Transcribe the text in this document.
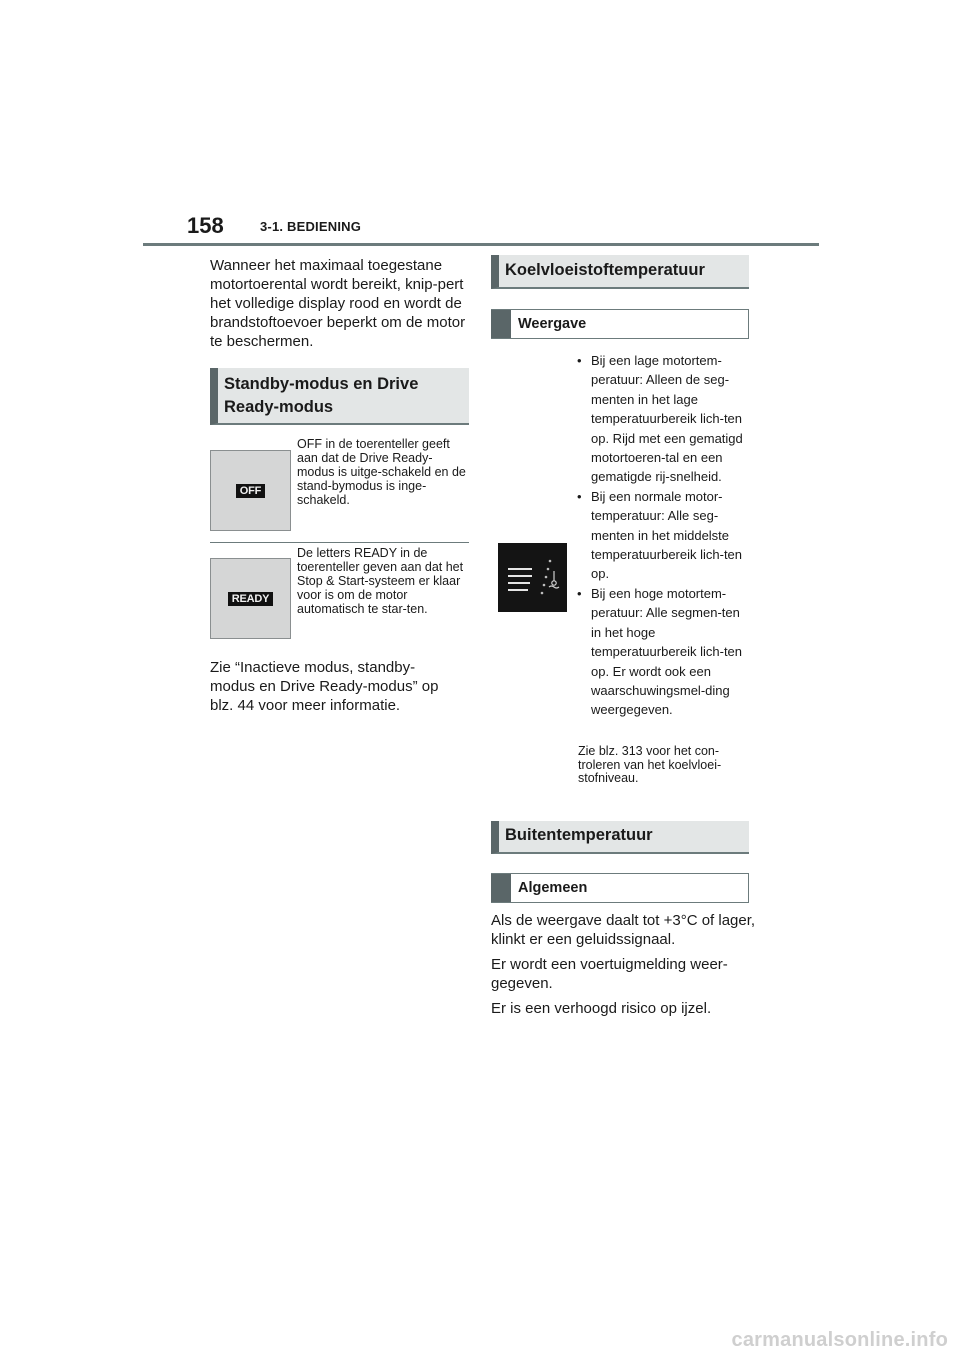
158	3-1. BEDIENING

Wanneer het maximaal toegestane motortoerental wordt bereikt, knip-pert het volledige display rood en wordt de brandstoftoevoer beperkt om de motor te beschermen.

Standby-modus en Drive
Ready-modus
OFF

OFF in de toerenteller geeft aan dat de Drive Ready-modus is uitge-schakeld en de stand-bymodus is inge-schakeld.

READY

De letters READY in de toerenteller geven aan dat het Stop & Start-systeem er klaar voor is om de motor automatisch te star-ten.

Zie “Inactieve modus, standby-modus en Drive Ready-modus” op blz. 44 voor meer informatie.

Koelvloeistoftemperatuur
Weergave
• Bij een lage motortem-peratuur: Alleen de seg-menten in het lage temperatuurbereik lich-ten op. Rijd met een gematigd motortoeren-tal en een gematigde rij-snelheid.
• Bij een normale motor-temperatuur: Alle seg-menten in het middelste temperatuurbereik lich-ten op.
• Bij een hoge motortem-peratuur: Alle segmen-ten in het hoge temperatuurbereik lich-ten op. Er wordt ook een waarschuwingsmel-ding weergegeven.

Zie blz. 313 voor het con-troleren van het koelvloei-stofniveau.

Buitentemperatuur
Algemeen

Als de weergave daalt tot +3°C of lager, klinkt er een geluidssignaal.

Er wordt een voertuigmelding weer-gegeven.

Er is een verhoogd risico op ijzel.

carmanualsonline.info
